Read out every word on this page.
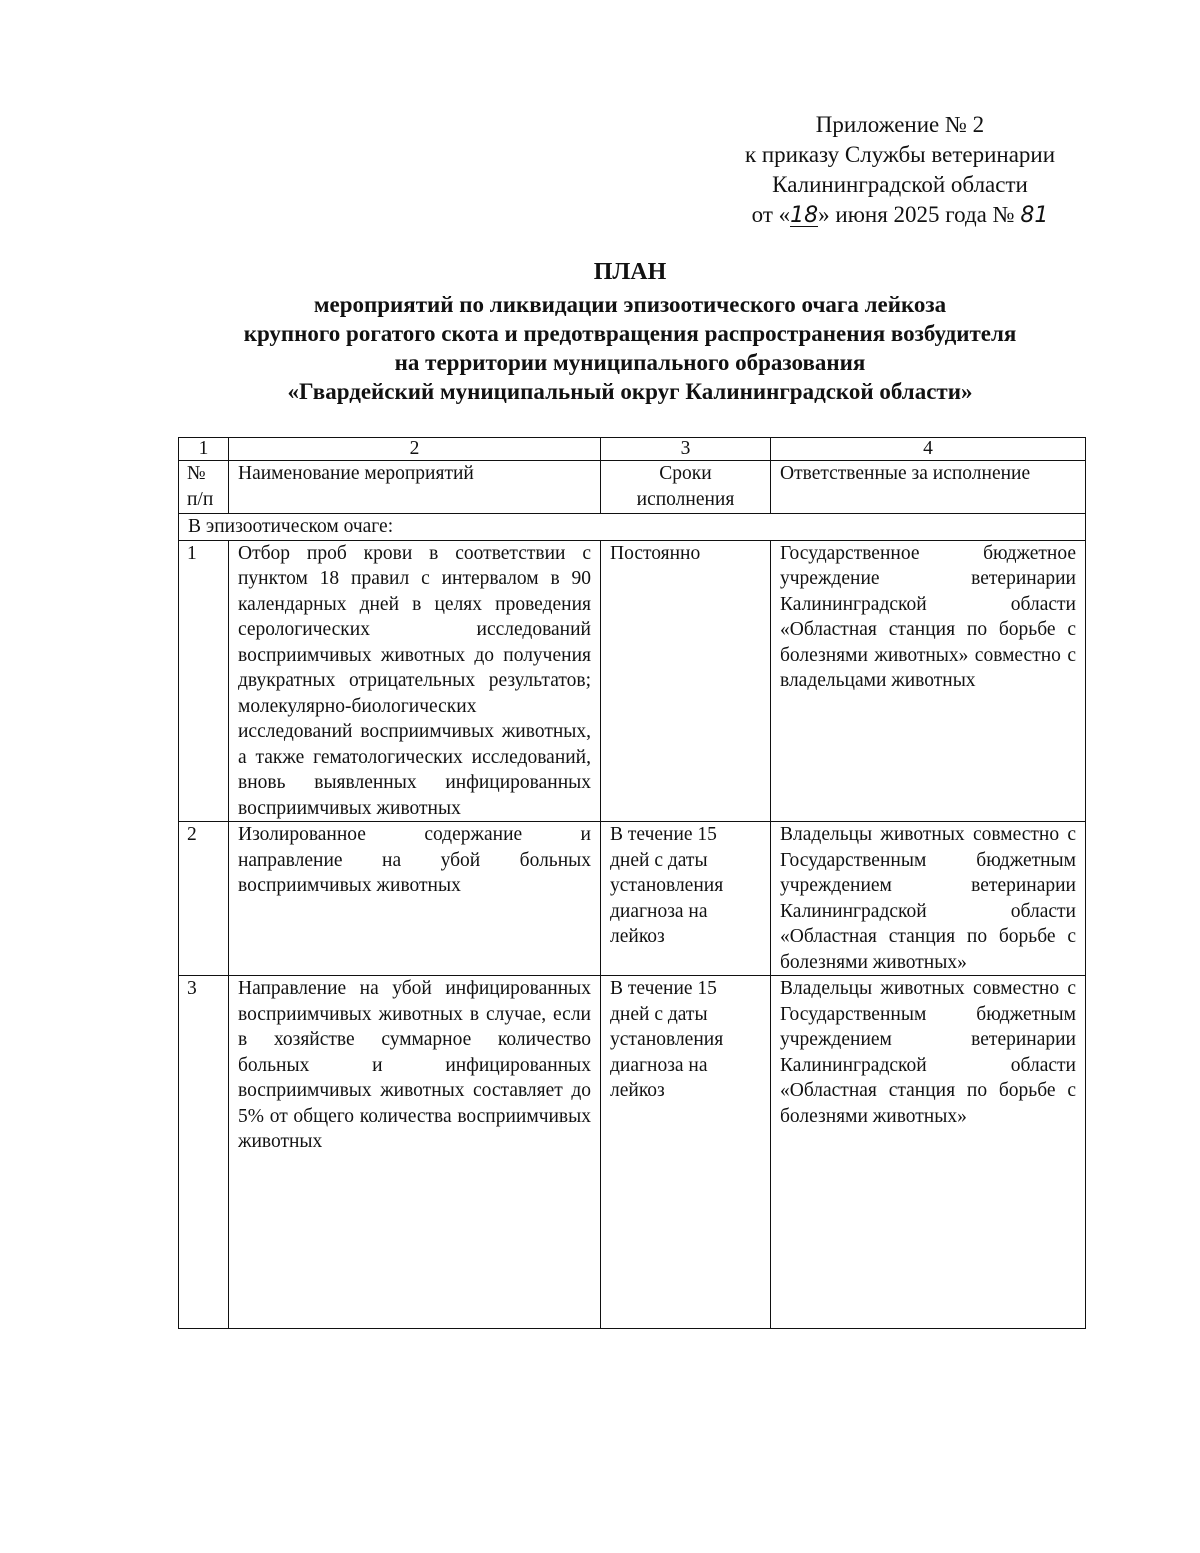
Приложение № 2
к приказу Службы ветеринарии
Калининградской области
от «18» июня 2025 года № 81
ПЛАН
мероприятий по ликвидации эпизоотического очага лейкоза
крупного рогатого скота и предотвращения распространения возбудителя
на территории муниципального образования
«Гвардейский муниципальный округ Калининградской области»
1	2	3	4
№ п/п	Наименование мероприятий	Сроки исполнения	Ответственные за исполнение
В эпизоотическом очаге:			
1	Отбор проб крови в соответствии с пунктом 18 правил с интервалом в 90 календарных дней в целях проведения серологических исследований восприимчивых животных до получения двукратных отрицательных результатов; молекулярно-биологических исследований восприимчивых животных, а также гематологических исследований, вновь выявленных инфицированных восприимчивых животных	Постоянно	Государственное бюджетное учреждение ветеринарии Калининградской области «Областная станция по борьбе с болезнями животных» совместно с владельцами животных
2	Изолированное содержание и направление на убой больных восприимчивых животных	В течение 15 дней с даты установления диагноза на лейкоз	Владельцы животных совместно с Государственным бюджетным учреждением ветеринарии Калининградской области «Областная станция по борьбе с болезнями животных»
3	Направление на убой инфицированных восприимчивых животных в случае, если в хозяйстве суммарное количество больных и инфицированных восприимчивых животных составляет до 5% от общего количества восприимчивых животных	В течение 15 дней с даты установления диагноза на лейкоз	Владельцы животных совместно с Государственным бюджетным учреждением ветеринарии Калининградской области «Областная станция по борьбе с болезнями животных»
